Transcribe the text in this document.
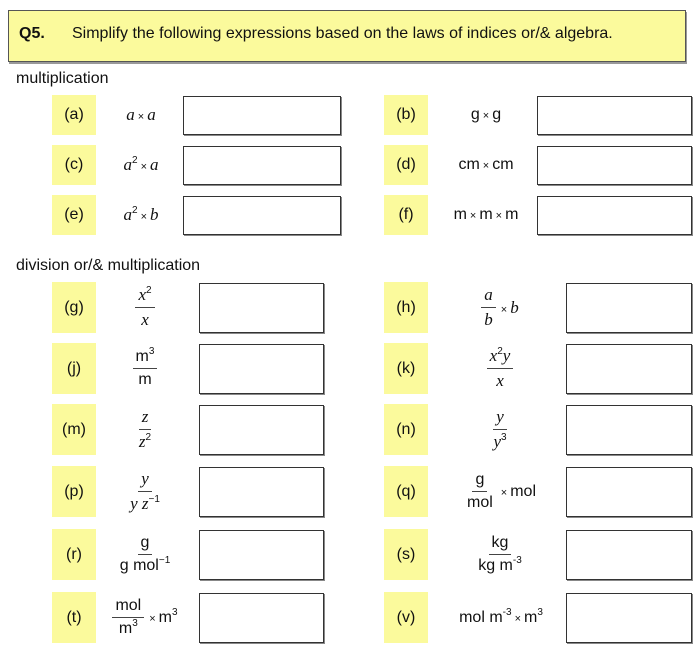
Q5. Simplify the following expressions based on the laws of indices or/& algebra.
multiplication
division or/& multiplication
(a)	a × a	(b)	g × g
(c)	$a^2\times a$	(d)	cm × cm
(e)	$a^2\times b$	(f)	m × m × m
(g)	$\frac{x^2}{x}$	(h)	$\frac{a}{b} \times b$
(j)	$\frac{m^3}{m}$	(k)	$\frac{x^2y}{x}$
(m)	$\frac{z}{z^2}$	(n)	$\frac{y}{y^3}$
(p)	$\frac{y}{y z^{-1}}$	(q)	$\frac{g}{\text{mol}}$ × mol
(r)	$\frac{g}{g mol^{-1}}$	(s)	$\frac{kg}{kg m^{-3}}$
(t)	$\frac{\text{mol}}{m^3} \times m^3$	(v)	mol $m^{-3}\times m^3$
